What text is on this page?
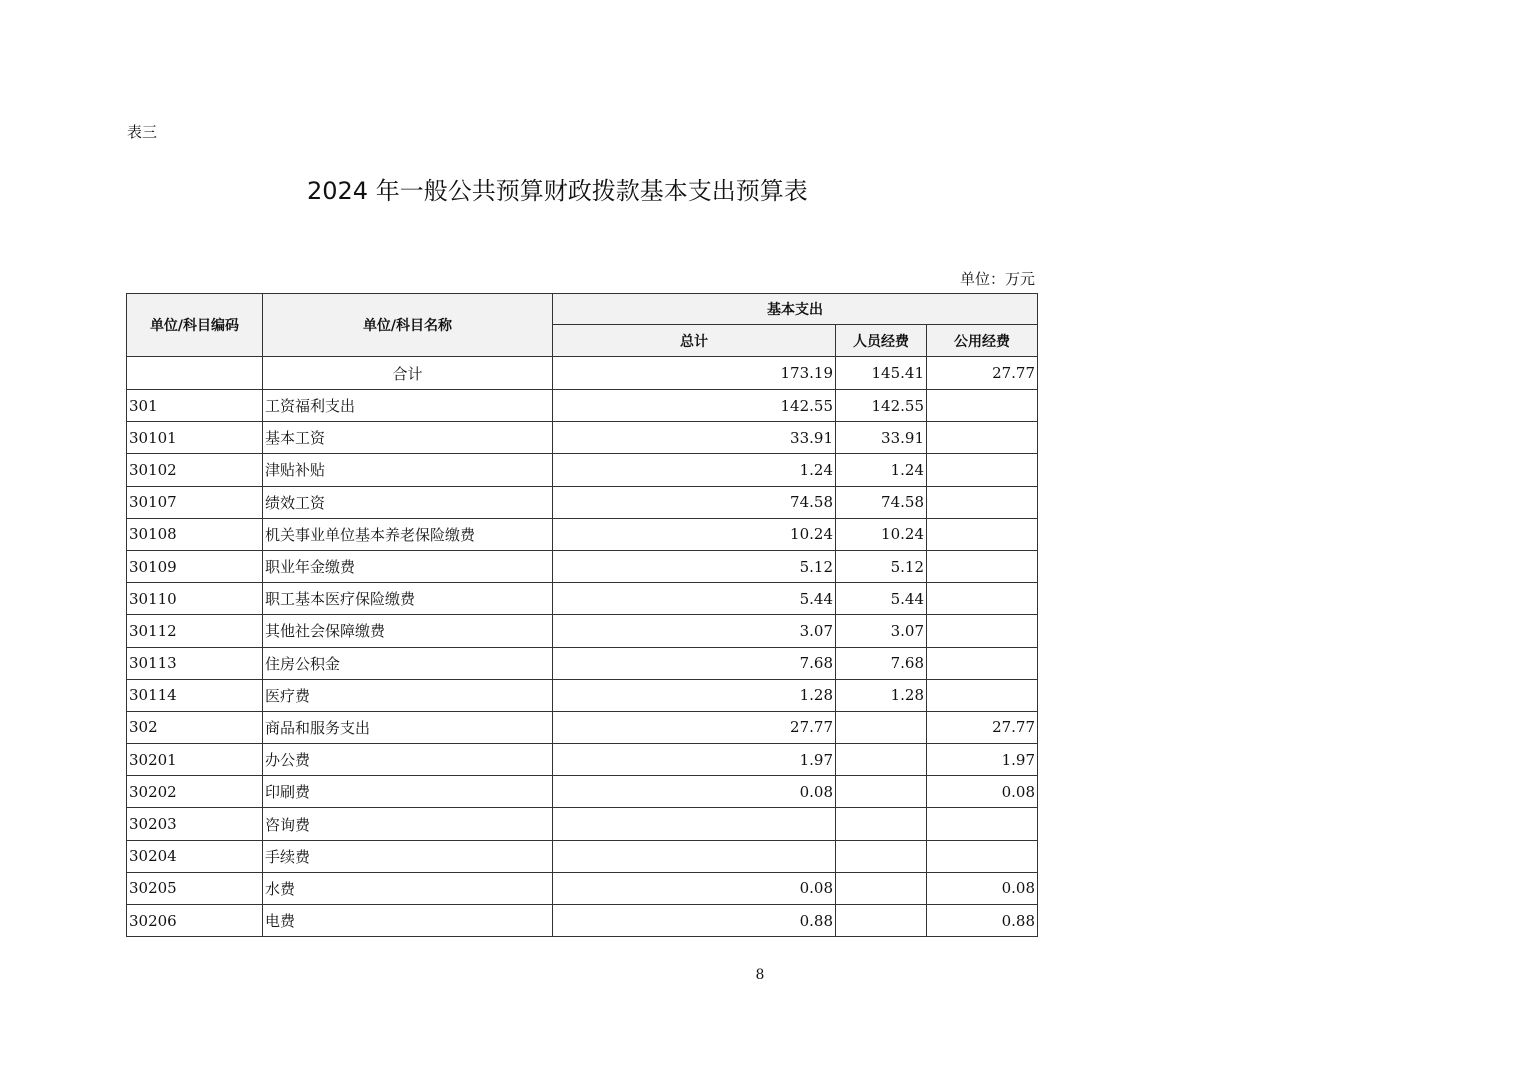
表三
2024 年一般公共预算财政拨款基本支出预算表
单位：万元
单位/科目编码	单位/科目名称	基本支出		
		总计	人员经费	公用经费
	合计	173.19	145.41	27.77
301	工资福利支出	142.55	142.55	
30101	基本工资	33.91	33.91	
30102	津贴补贴	1.24	1.24	
30107	绩效工资	74.58	74.58	
30108	机关事业单位基本养老保险缴费	10.24	10.24	
30109	职业年金缴费	5.12	5.12	
30110	职工基本医疗保险缴费	5.44	5.44	
30112	其他社会保障缴费	3.07	3.07	
30113	住房公积金	7.68	7.68	
30114	医疗费	1.28	1.28	
302	商品和服务支出	27.77		27.77
30201	办公费	1.97		1.97
30202	印刷费	0.08		0.08
30203	咨询费			
30204	手续费			
30205	水费	0.08		0.08
30206	电费	0.88		0.88
8
